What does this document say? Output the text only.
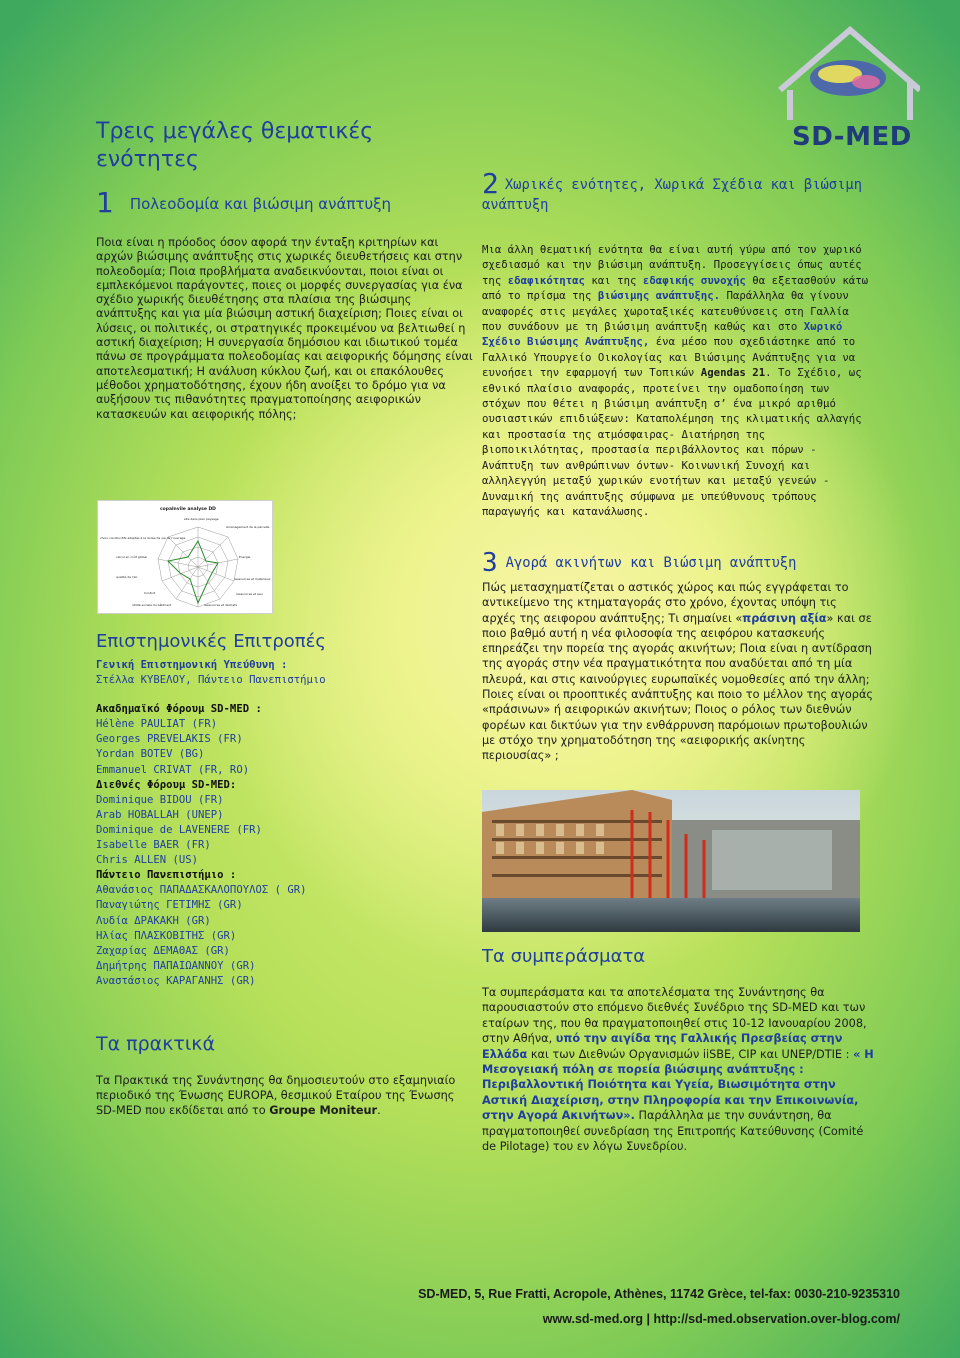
SD-MED
Τρεις μεγάλες θεματικές ενότητες
1 Πολεοδομία και βιώσιμη ανάπτυξη
Ποια είναι η πρόοδος όσον αφορά την ένταξη κριτηρίων και αρχών βιώσιμης ανάπτυξης στις χωρικές διευθετήσεις και στην πολεοδομία; Ποια προβλήματα αναδεικνύονται, ποιοι είναι οι εμπλεκόμενοι παράγοντες, ποιες οι μορφές συνεργασίας για ένα σχέδιο χωρικής διευθέτησης στα πλαίσια της βιώσιμης ανάπτυξης και για μία βιώσιμη αστική διαχείριση; Ποιες είναι οι λύσεις, οι πολιτικές, οι στρατηγικές προκειμένου να βελτιωθεί η αστική διαχείριση; Η συνεργασία δημόσιου και ιδιωτικού τομέα πάνω σε προγράμματα πολεοδομίας και αειφορικής δόμησης είναι αποτελεσματική; Η ανάλυση κύκλου ζωή, και οι επακόλουθες μέθοδοι χρηματοδότησης, έχουν ήδη ανοίξει το δρόμο για να αυξήσουν τις πιθανότητες πραγματοποίησης αειφορικών κατασκευών και αειφορικής πόλης;
copalnvile analyse DD
site dans plan paysage
Aménagement de la parcelle
Energie
ressources et matériaux
ressources et eau
ressources et déchets
utilité sociale du bâtiment
Confort
qualité de l'air
calcul en coût global
choix constructifs adaptés à la durée de vie de l'ouvrage
Επιστημονικές Επιτροπές
Γενική Επιστημονική Υπεύθυνη :
Στέλλα ΚΥΒΕΛΟΥ, Πάντειο Πανεπιστήμιο
Ακαδημαϊκό Φόρουμ SD-MED :
Hélène PAULIAT (FR)
Georges PREVELAKIS (FR)
Yordan BOTEV (BG)
Emmanuel CRIVAT (FR, RO)
Διεθνές Φόρουμ SD-MED:
Dominique BIDOU (FR)
Arab HOBALLAH (UNEP)
Dominique de LAVENERE (FR)
Isabelle BAER (FR)
Chris ALLEN (US)
Πάντειο Πανεπιστήμιο :
Αθανάσιος ΠΑΠΑΔΑΣΚΑΛΟΠΟΥΛΟΣ ( GR)
Παναγιώτης ΓΕΤΙΜΗΣ (GR)
Λυδία ΔΡΑΚΑΚΗ (GR)
Ηλίας ΠΛΑΣΚΟΒΙΤΗΣ (GR)
Ζαχαρίας ΔΕΜΑΘΑΣ (GR)
Δημήτρης ΠΑΠΑΙΩΑΝΝΟΥ (GR)
Αναστάσιος ΚΑΡΑΓΑΝΗΣ (GR)
Τα πρακτικά
Τα Πρακτικά της Συνάντησης θα δημοσιευτούν στο εξαμηνιαίο περιοδικό της Ένωσης EUROPA, θεσμικού Εταίρου της Ένωσης SD-MED που εκδίδεται από το Groupe Moniteur.
2 Χωρικές ενότητες, Χωρικά Σχέδια και βιώσιμη ανάπτυξη
Μια άλλη θεματική ενότητα θα είναι αυτή γύρω από τον χωρικό σχεδιασμό και την βιώσιμη ανάπτυξη. Προσεγγίσεις όπως αυτές της εδαφικότητας και της εδαφικής συνοχής θα εξετασθούν κάτω από το πρίσμα της βιώσιμης ανάπτυξης. Παράλληλα θα γίνουν αναφορές στις μεγάλες χωροταξικές κατευθύνσεις στη Γαλλία που συνάδουν με τη βιώσιμη ανάπτυξη καθώς και στο Χωρικό Σχέδιο Βιώσιμης Ανάπτυξης, ένα μέσο που σχεδιάστηκε από το Γαλλικό Υπουργείο Οικολογίας και Βιώσιμης Ανάπτυξης για να ευνοήσει την εφαρμογή των Τοπικών Agendas 21. Το Σχέδιο, ως εθνικό πλαίσιο αναφοράς, προτείνει την ομαδοποίηση των στόχων που θέτει η βιώσιμη ανάπτυξη σ’ ένα μικρό αριθμό ουσιαστικών επιδιώξεων: Καταπολέμηση της κλιματικής αλλαγής και προστασία της ατμόσφαιρας- Διατήρηση της βιοποικιλότητας, προστασία περιβάλλοντος και πόρων - Ανάπτυξη των ανθρώπινων όντων- Κοινωνική Συνοχή και αλληλεγγύη μεταξύ χωρικών ενοτήτων και μεταξύ γενεών - Δυναμική της ανάπτυξης σύμφωνα με υπεύθυνους τρόπους παραγωγής και κατανάλωσης.
3 Αγορά ακινήτων και Βιώσιμη ανάπτυξη
Πώς μετασχηματίζεται ο αστικός χώρος και πώς εγγράφεται το αντικείμενο της κτηματαγοράς στο χρόνο, έχοντας υπόψη τις αρχές της αειφορου ανάπτυξης; Τι σημαίνει «πράσινη αξία» και σε ποιο βαθμό αυτή η νέα φιλοσοφία της αειφόρου κατασκευής επηρεάζει την πορεία της αγοράς ακινήτων; Ποια είναι η αντίδραση της αγοράς στην νέα πραγματικότητα που αναδύεται από τη μία πλευρά, και στις καινούργιες ευρωπαϊκές νομοθεσίες από την άλλη; Ποιες είναι οι προοπτικές ανάπτυξης και ποιο το μέλλον της αγοράς «πράσινων» ή αειφορικών ακινήτων; Ποιος ο ρόλος των διεθνών φορέων και δικτύων για την ενθάρρυνση παρόμοιων πρωτοβουλιών με στόχο την χρηματοδότηση της «αειφορικής ακίνητης περιουσίας» ;
Τα συμπεράσματα
Τα συμπεράσματα και τα αποτελέσματα της Συνάντησης θα παρουσιαστούν στο επόμενο διεθνές Συνέδριο της SD-MED και των εταίρων της, που θα πραγματοποιηθεί στις 10-12 Ιανουαρίου 2008, στην Αθήνα, υπό την αιγίδα της Γαλλικής Πρεσβείας στην Ελλάδα και των Διεθνών Οργανισμών iiSBE, CIP και UNEP/DTIE : « Η Μεσογειακή πόλη σε πορεία βιώσιμης ανάπτυξης : Περιβαλλοντική Ποιότητα και Υγεία, Βιωσιμότητα στην Αστική Διαχείριση, στην Πληροφορία και την Επικοινωνία, στην Αγορά Ακινήτων». Παράλληλα με την συνάντηση, θα πραγματοποιηθεί συνεδρίαση της Επιτροπής Κατεύθυνσης (Comité de Pilotage) του εν λόγω Συνεδρίου.
SD-MED, 5, Rue Fratti, Acropole, Athènes, 11742 Grèce, tel-fax: 0030-210-9235310
www.sd-med.org | http://sd-med.observation.over-blog.com/
